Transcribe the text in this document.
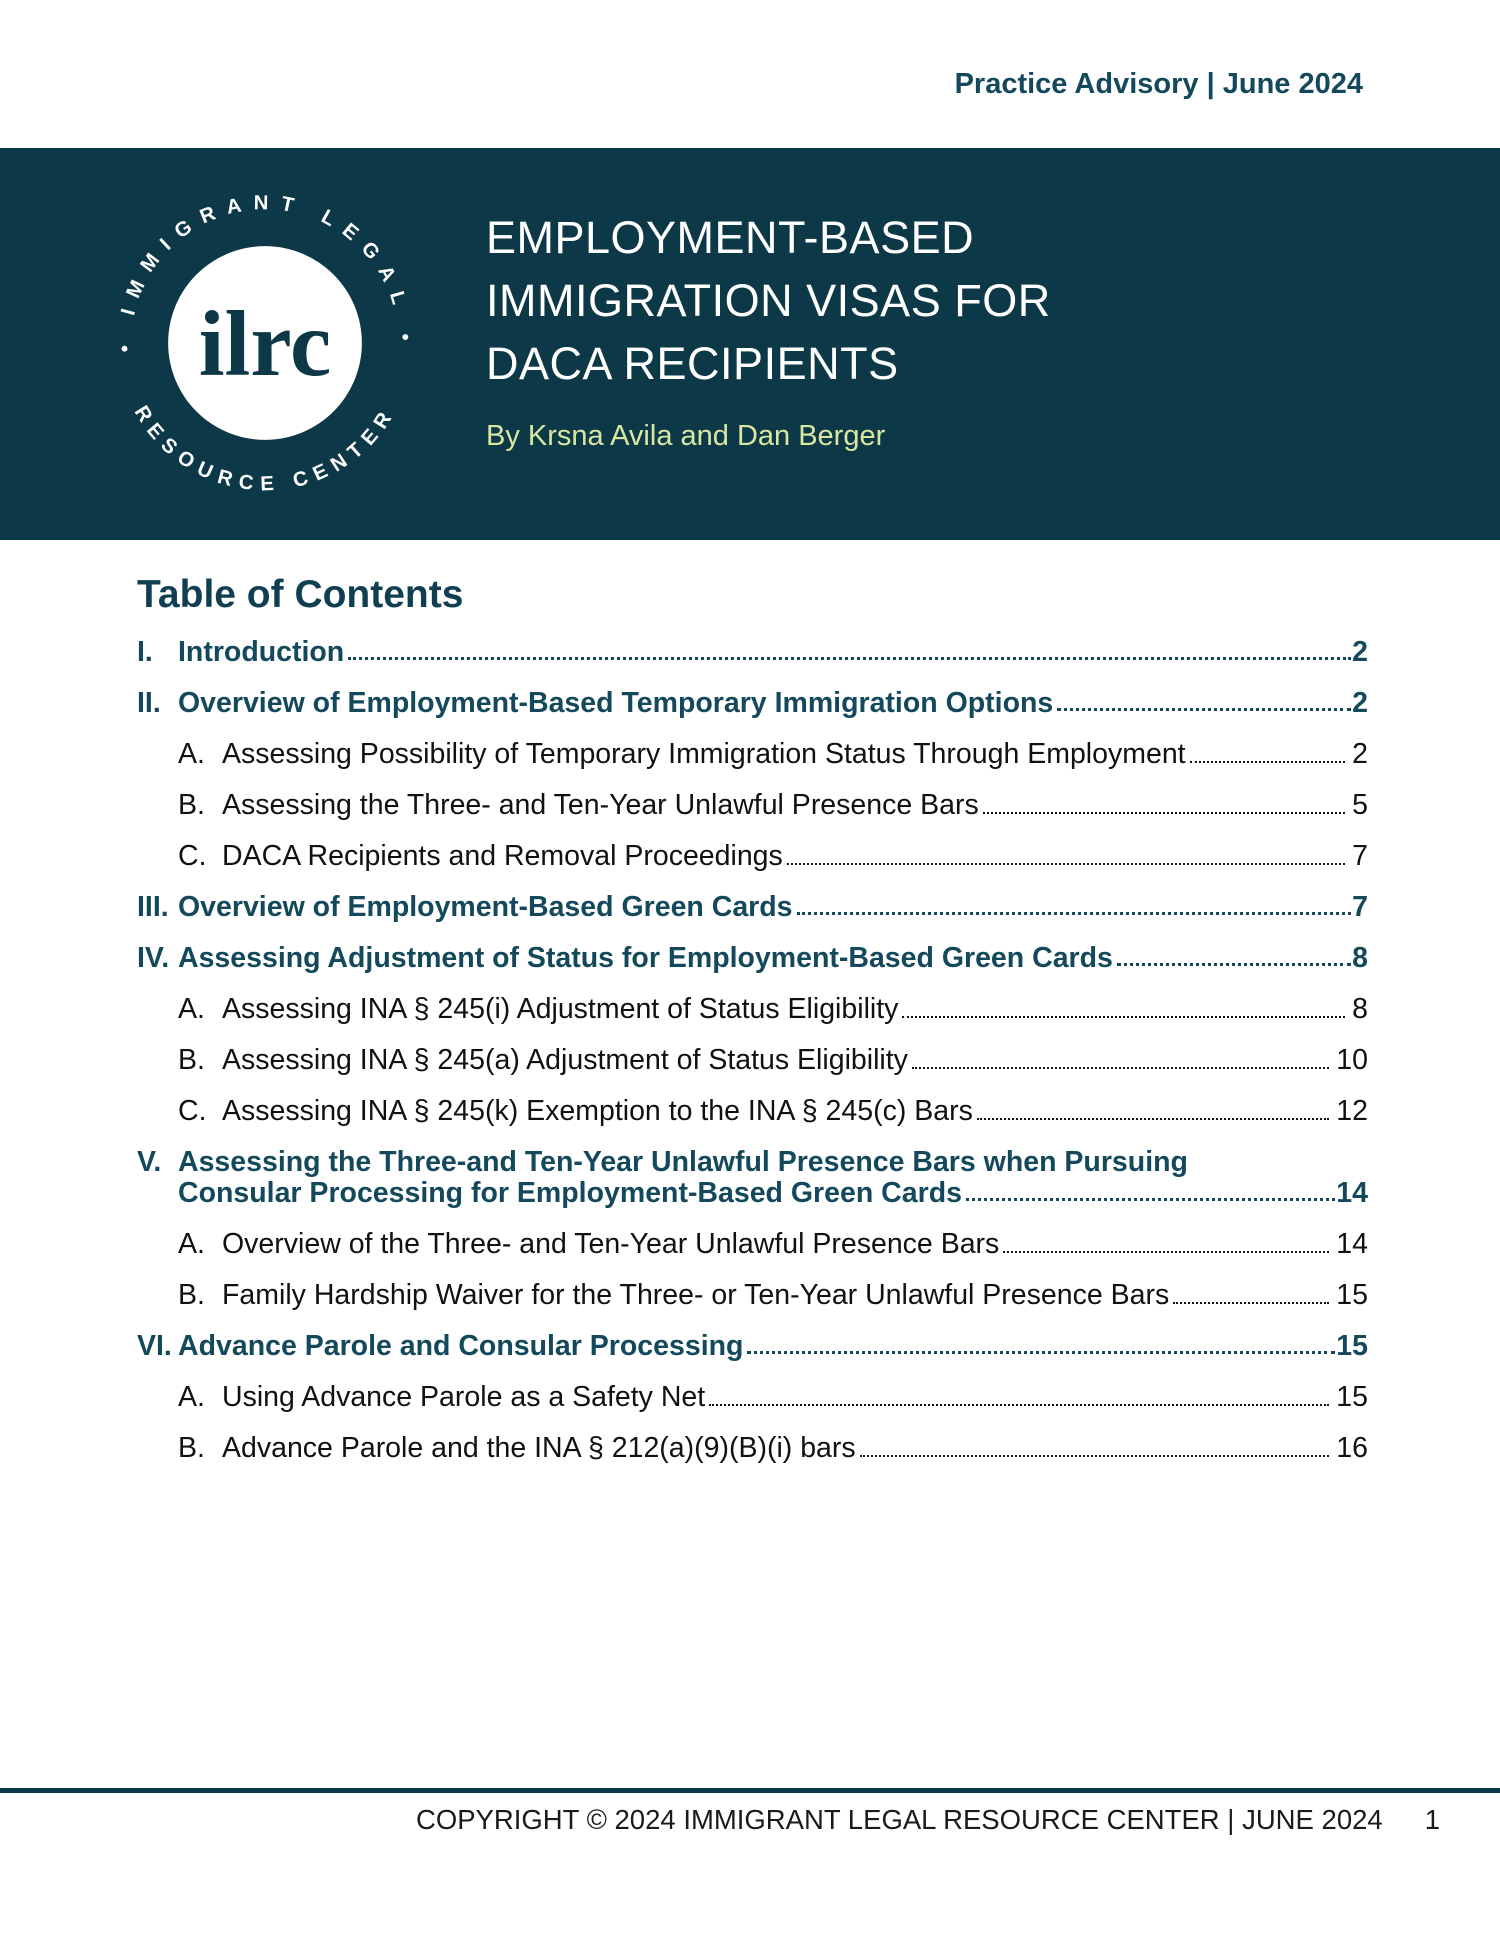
Practice Advisory | June 2024
• IMMIGRANT LEGAL •
RESOURCE CENTER
ilrc
EMPLOYMENT-BASED
IMMIGRATION VISAS FOR
DACA RECIPIENTS
By Krsna Avila and Dan Berger
Table of Contents
I. Introduction	2
II. Overview of Employment-Based Temporary Immigration Options	2
A. Assessing Possibility of Temporary Immigration Status Through Employment	2
B. Assessing the Three- and Ten-Year Unlawful Presence Bars	5
C. DACA Recipients and Removal Proceedings	7
III. Overview of Employment-Based Green Cards	7
IV. Assessing Adjustment of Status for Employment-Based Green Cards	8
A. Assessing INA § 245(i) Adjustment of Status Eligibility	8
B. Assessing INA § 245(a) Adjustment of Status Eligibility	10
C. Assessing INA § 245(k) Exemption to the INA § 245(c) Bars	12
V. Assessing the Three-and Ten-Year Unlawful Presence Bars when Pursuing
Consular Processing for Employment-Based Green Cards	14
A. Overview of the Three- and Ten-Year Unlawful Presence Bars	14
B. Family Hardship Waiver for the Three- or Ten-Year Unlawful Presence Bars	15
VI. Advance Parole and Consular Processing	15
A. Using Advance Parole as a Safety Net	15
B. Advance Parole and the INA § 212(a)(9)(B)(i) bars	16
COPYRIGHT © 2024 IMMIGRANT LEGAL RESOURCE CENTER | JUNE 2024 1
